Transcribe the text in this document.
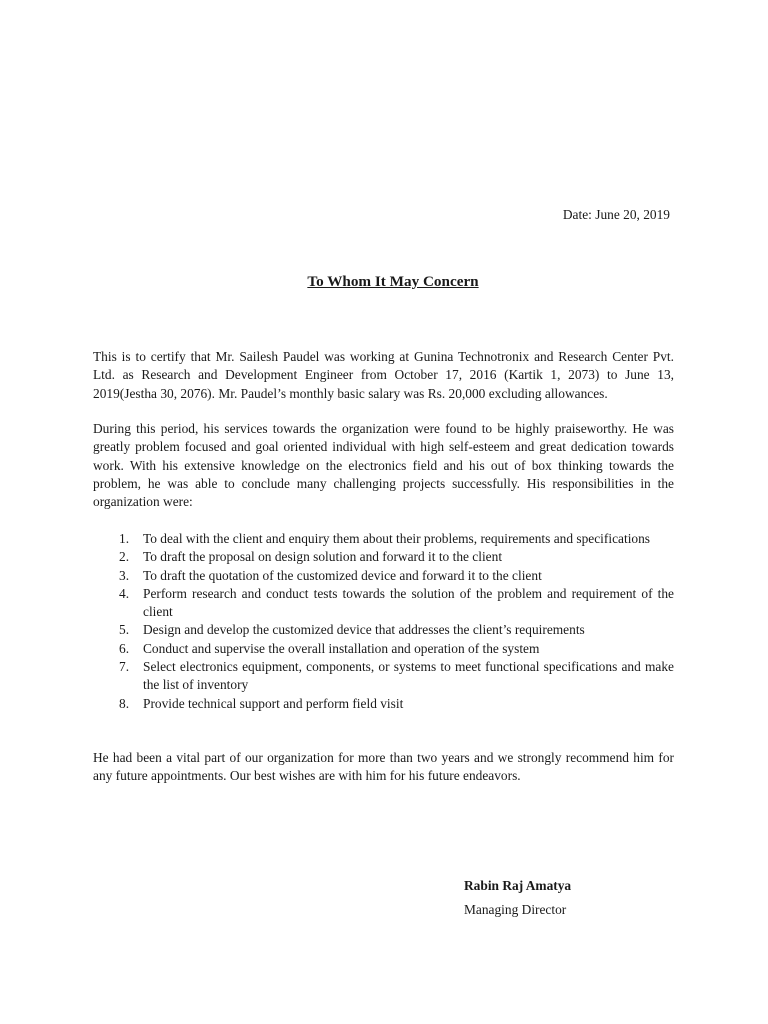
Date: June 20, 2019
To Whom It May Concern

This is to certify that Mr. Sailesh Paudel was working at Gunina Technotronix and Research Center Pvt. Ltd. as Research and Development Engineer from October 17, 2016 (Kartik 1, 2073) to June 13, 2019(Jestha 30, 2076). Mr. Paudel’s monthly basic salary was Rs. 20,000 excluding allowances.

During this period, his services towards the organization were found to be highly praiseworthy. He was greatly problem focused and goal oriented individual with high self-esteem and great dedication towards work. With his extensive knowledge on the electronics field and his out of box thinking towards the problem, he was able to conclude many challenging projects successfully. His responsibilities in the organization were:

1. To deal with the client and enquiry them about their problems, requirements and specifications
2. To draft the proposal on design solution and forward it to the client
3. To draft the quotation of the customized device and forward it to the client
4. Perform research and conduct tests towards the solution of the problem and requirement of the client
5. Design and develop the customized device that addresses the client’s requirements
6. Conduct and supervise the overall installation and operation of the system
7. Select electronics equipment, components, or systems to meet functional specifications and make the list of inventory
8. Provide technical support and perform field visit

He had been a vital part of our organization for more than two years and we strongly recommend him for any future appointments. Our best wishes are with him for his future endeavors.

Rabin Raj Amatya
Managing Director
